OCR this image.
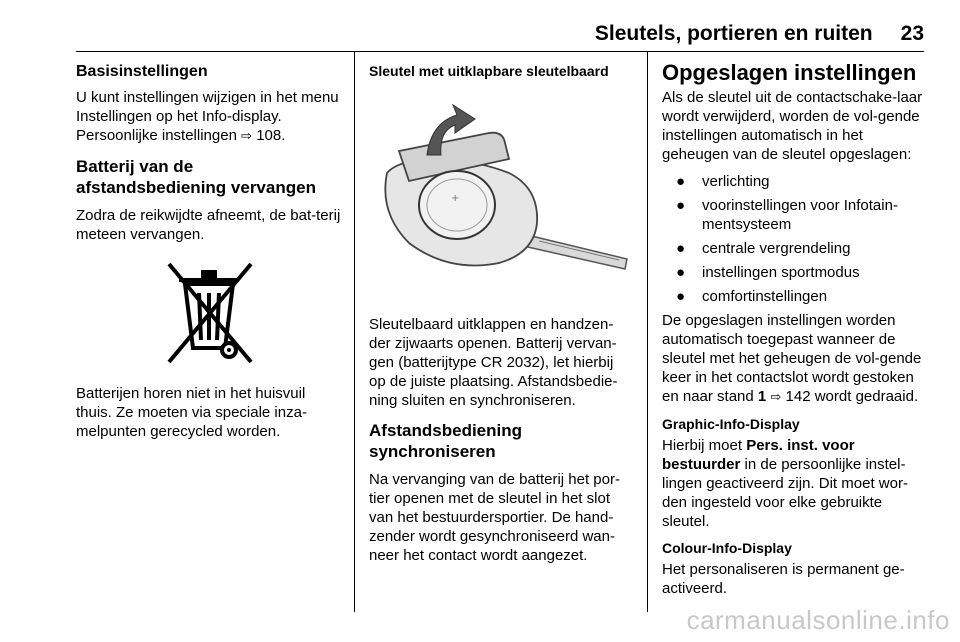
Sleutels, portieren en ruiten 23
Basisinstellingen

U kunt instellingen wijzigen in het menu Instellingen op het Info-display. Persoonlijke instellingen ⇨ 108.

Batterij van de afstandsbediening vervangen

Zodra de reikwijdte afneemt, de bat-terij meteen vervangen.

Batterijen horen niet in het huisvuil thuis. Ze moeten via speciale inza-melpunten gerecycled worden.

Sleutel met uitklapbare sleutelbaard
+

Sleutelbaard uitklappen en handzen-der zijwaarts openen. Batterij vervan-gen (batterijtype CR 2032), let hierbij op de juiste plaatsing. Afstandsbedie-ning sluiten en synchroniseren.

Afstandsbediening synchroniseren

Na vervanging van de batterij het por-tier openen met de sleutel in het slot van het bestuurdersportier. De hand-zender wordt gesynchroniseerd wan-neer het contact wordt aangezet.

Opgeslagen instellingen

Als de sleutel uit de contactschake-laar wordt verwijderd, worden de vol-gende instellingen automatisch in het geheugen van de sleutel opgeslagen:

● verlichting
● voorinstellingen voor Infotain-mentsysteem
● centrale vergrendeling
● instellingen sportmodus
● comfortinstellingen

De opgeslagen instellingen worden automatisch toegepast wanneer de sleutel met het geheugen de vol-gende keer in het contactslot wordt gestoken en naar stand 1 ⇨ 142 wordt gedraaid.

Graphic-Info-Display

Hierbij moet Pers. inst. voor bestuurder in de persoonlijke instel-lingen geactiveerd zijn. Dit moet wor-den ingesteld voor elke gebruikte sleutel.

Colour-Info-Display

Het personaliseren is permanent ge-activeerd.

carmanualsonline.info
